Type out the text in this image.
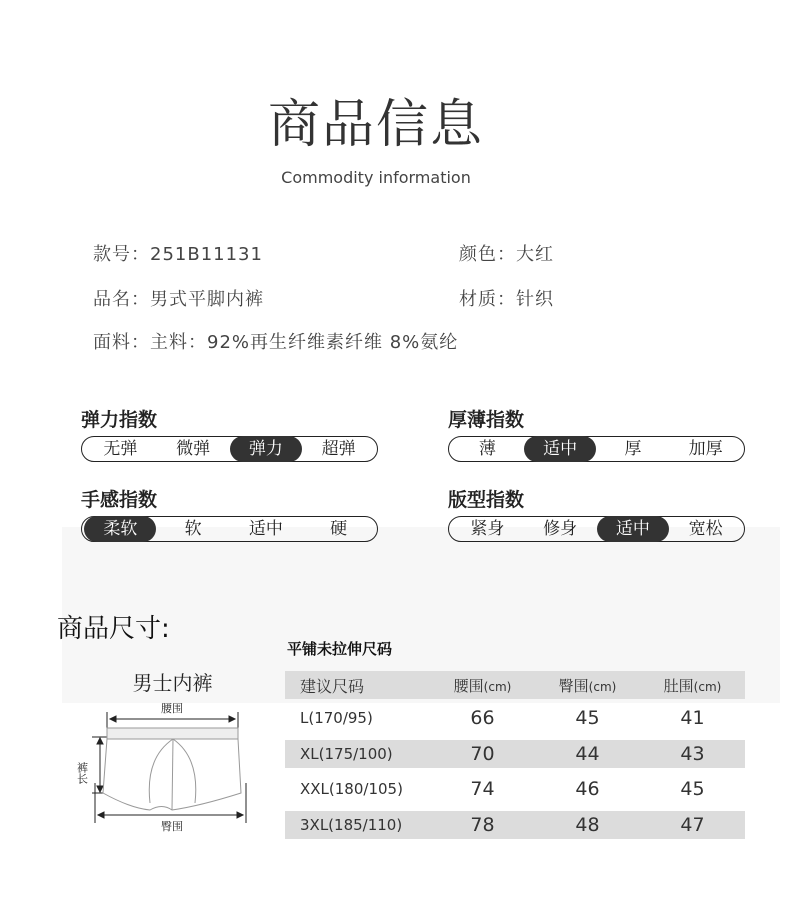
商品信息
Commodity information
款号：251B11131	颜色：大红
品名：男式平脚内裤	材质：针织
面料：主料：92%再生纤维素纤维 8%氨纶
弹力指数
无弹	微弹	弹力	超弹
厚薄指数
薄	适中	厚	加厚
手感指数
柔软	软	适中	硬
版型指数
紧身	修身	适中	宽松
商品尺寸:
平铺未拉伸尺码
男士内裤
腰围
裤长
臀围
建议尺码	腰围(cm)	臀围(cm)	肚围(cm)
L(170/95)	66	45	41
XL(175/100)	70	44	43
XXL(180/105)	74	46	45
3XL(185/110)	78	48	47
